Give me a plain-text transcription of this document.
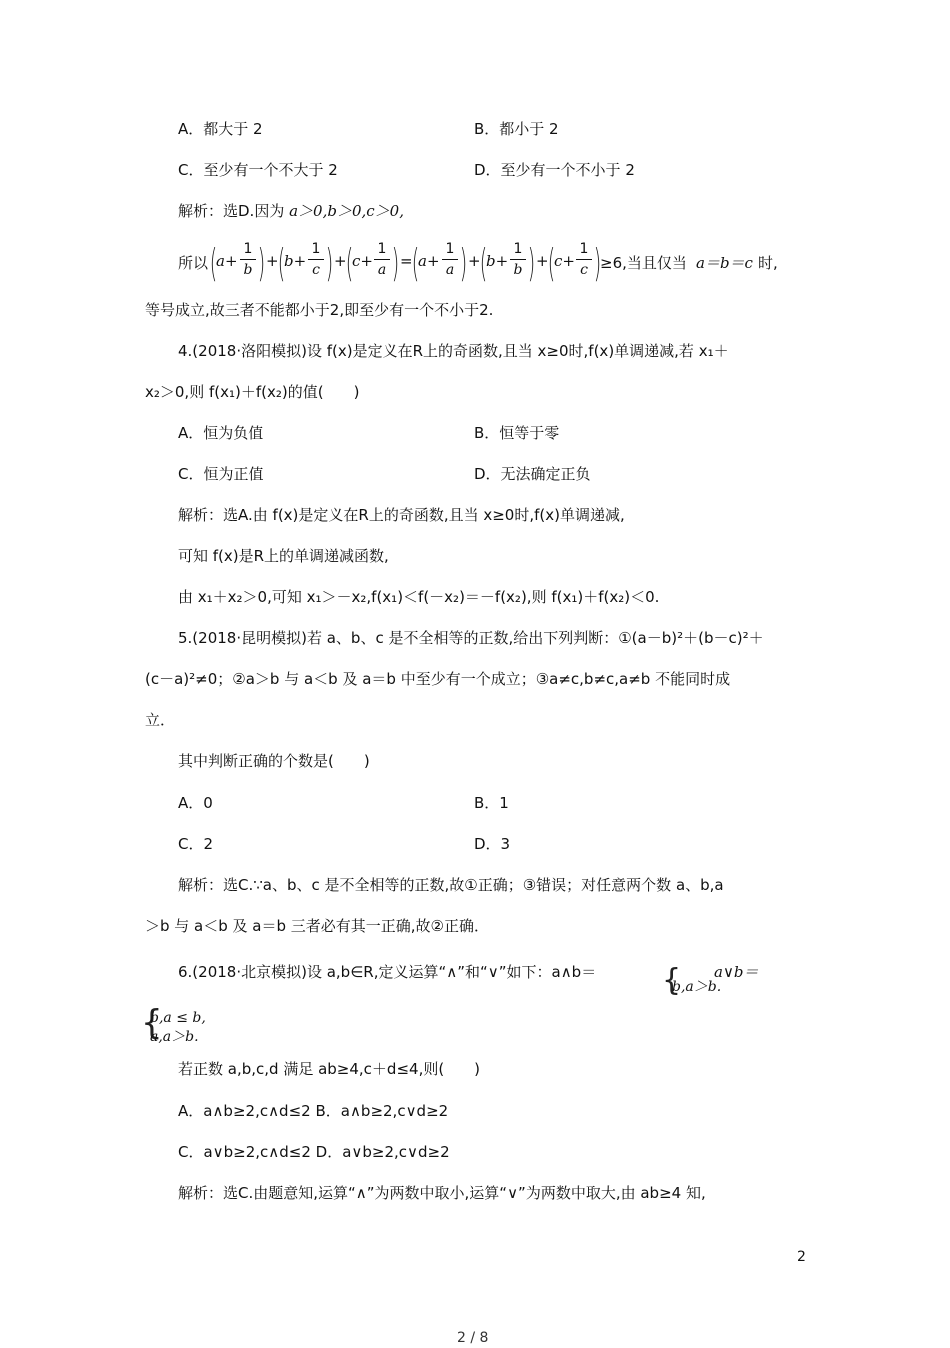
A．都大于 2	B．都小于 2
C．至少有一个不大于 2	D．至少有一个不小于 2
解析：选D.因为 a＞0,b＞0,c＞0,
所以 (
a+
1
b ) + (
b+
1
c ) + (
c+
1
a ) = (
a+
1
a ) + (
b+
1
b ) + (
c+
1
c )
≥6,当且仅当 a＝b＝c 时,
等号成立,故三者不能都小于2,即至少有一个不小于2.
4.(2018·洛阳模拟)设 f(x)是定义在R上的奇函数,且当 x≥0时,f(x)单调递减,若 x₁＋
x₂＞0,则 f(x₁)＋f(x₂)的值(　　)
A．恒为负值	B．恒等于零
C．恒为正值	D．无法确定正负
解析：选A.由 f(x)是定义在R上的奇函数,且当 x≥0时,f(x)单调递减,
可知 f(x)是R上的单调递减函数,
由 x₁＋x₂＞0,可知 x₁＞－x₂,f(x₁)＜f(－x₂)＝－f(x₂),则 f(x₁)＋f(x₂)＜0.
5.(2018·昆明模拟)若 a、b、c 是不全相等的正数,给出下列判断：①(a－b)²＋(b－c)²＋
(c－a)²≠0；②a＞b 与 a＜b 及 a＝b 中至少有一个成立；③a≠c,b≠c,a≠b 不能同时成
立．
其中判断正确的个数是(　　)
A．0	B．1
C．2	D．3
解析：选C.∵a、b、c 是不全相等的正数,故①正确；③错误；对任意两个数 a、b,a
＞b 与 a＜b 及 a＝b 三者必有其一正确,故②正确．
6.(2018·北京模拟)设 a,b∈R,定义运算“∧”和“∨”如下：a∧b＝ {
b,a＞b.
a∨b＝
{
b,a ≤ b,
a,a＞b.
若正数 a,b,c,d 满足 ab≥4,c＋d≤4,则(　　)
A．a∧b≥2,c∧d≤2 B．a∧b≥2,c∨d≥2
C．a∨b≥2,c∧d≤2 D．a∨b≥2,c∨d≥2
解析：选C.由题意知,运算“∧”为两数中取小,运算“∨”为两数中取大,由 ab≥4 知,
2
2 / 8
